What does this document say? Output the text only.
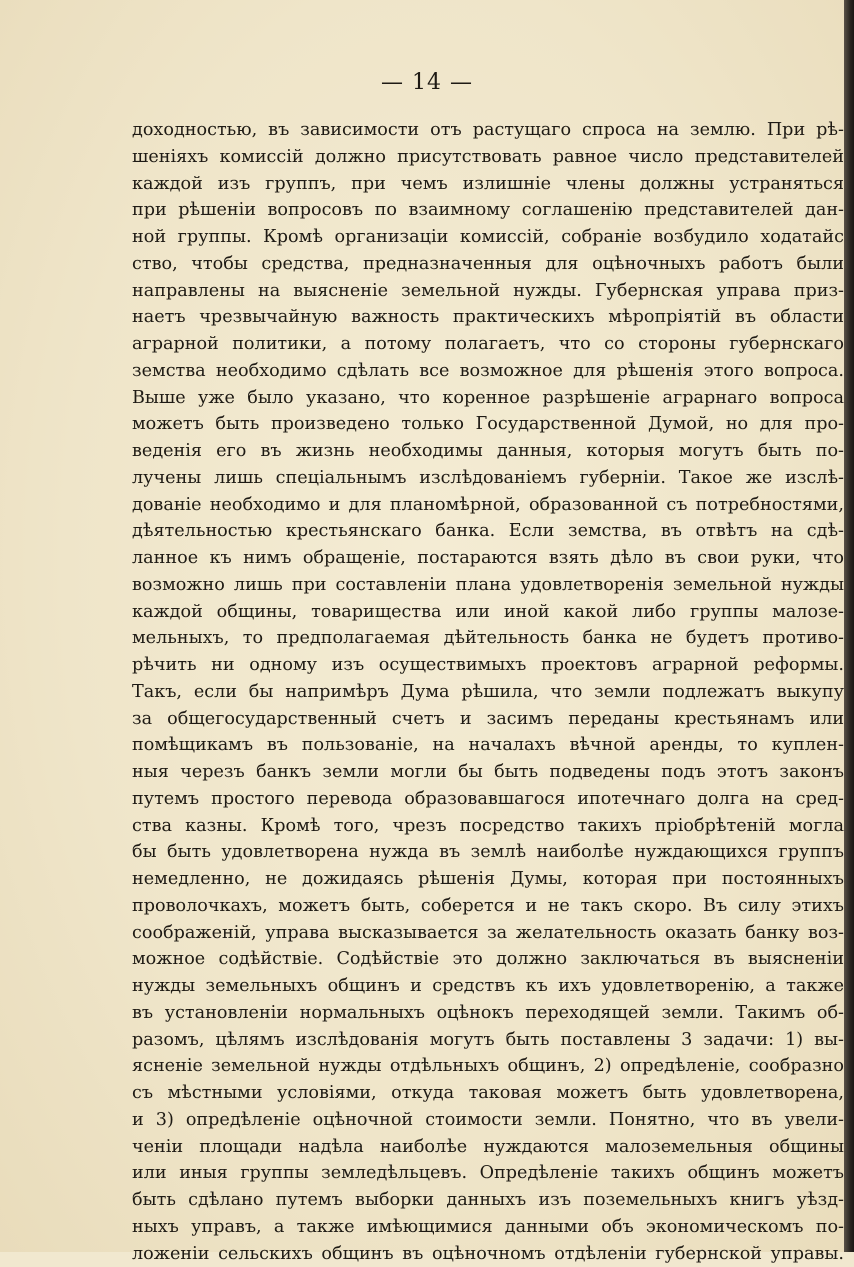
— 14 —
доходностью, въ зависимости отъ растущаго спроса на землю. При рѣ-
шеніяхъ комиссій должно присутствовать равное число представителей
каждой изъ группъ, при чемъ излишніе члены должны устраняться
при рѣшеніи вопросовъ по взаимному соглашенію представителей дан-
ной группы. Кромѣ организаціи комиссій, собраніе возбудило ходатайс
ство, чтобы средства, предназначенныя для оцѣночныхъ работъ были
направлены на выясненіе земельной нужды. Губернская управа приз-
наетъ чрезвычайную важность практическихъ мѣропріятій въ области
аграрной политики, а потому полагаетъ, что со стороны губернскаго
земства необходимо сдѣлать все возможное для рѣшенія этого вопроса.
Выше уже было указано, что коренное разрѣшеніе аграрнаго вопроса
можетъ быть произведено только Государственной Думой, но для про-
веденія его въ жизнь необходимы данныя, которыя могутъ быть по-
лучены лишь спеціальнымъ изслѣдованіемъ губерніи. Такое же изслѣ-
дованіе необходимо и для планомѣрной, образованной съ потребностями,
дѣятельностью крестьянскаго банка. Если земства, въ отвѣтъ на сдѣ-
ланное къ нимъ обращеніе, постараются взять дѣло въ свои руки, что
возможно лишь при составленіи плана удовлетворенія земельной нужды
каждой общины, товарищества или иной какой либо группы малозе-
мельныхъ, то предполагаемая дѣйтельность банка не будетъ противо-
рѣчить ни одному изъ осуществимыхъ проектовъ аграрной реформы.
Такъ, если бы напримѣръ Дума рѣшила, что земли подлежатъ выкупу
за общегосударственный счетъ и засимъ переданы крестьянамъ или
помѣщикамъ въ пользованіе, на началахъ вѣчной аренды, то куплен-
ныя черезъ банкъ земли могли бы быть подведены подъ этотъ законъ
путемъ простого перевода образовавшагося ипотечнаго долга на сред-
ства казны. Кромѣ того, чрезъ посредство такихъ пріобрѣтеній могла
бы быть удовлетворена нужда въ землѣ наиболѣе нуждающихся группъ
немедленно, не дожидаясь рѣшенія Думы, которая при постоянныхъ
проволочкахъ, можетъ быть, соберется и не такъ скоро. Въ силу этихъ
соображеній, управа высказывается за желательность оказать банку воз-
можное содѣйствіе. Содѣйствіе это должно заключаться въ выясненіи
нужды земельныхъ общинъ и средствъ къ ихъ удовлетворенію, а также
въ установленіи нормальныхъ оцѣнокъ переходящей земли. Такимъ об-
разомъ, цѣлямъ изслѣдованія могутъ быть поставлены 3 задачи: 1) вы-
ясненіе земельной нужды отдѣльныхъ общинъ, 2) опредѣленіе, сообразно
съ мѣстными условіями, откуда таковая можетъ быть удовлетворена,
и 3) опредѣленіе оцѣночной стоимости земли. Понятно, что въ увели-
ченіи площади надѣла наиболѣе нуждаются малоземельныя общины
или иныя группы земледѣльцевъ. Опредѣленіе такихъ общинъ можетъ
быть сдѣлано путемъ выборки данныхъ изъ поземельныхъ книгъ уѣзд-
ныхъ управъ, а также имѣющимися данными объ экономическомъ по-
ложеніи сельскихъ общинъ въ оцѣночномъ отдѣленіи губернской управы.
